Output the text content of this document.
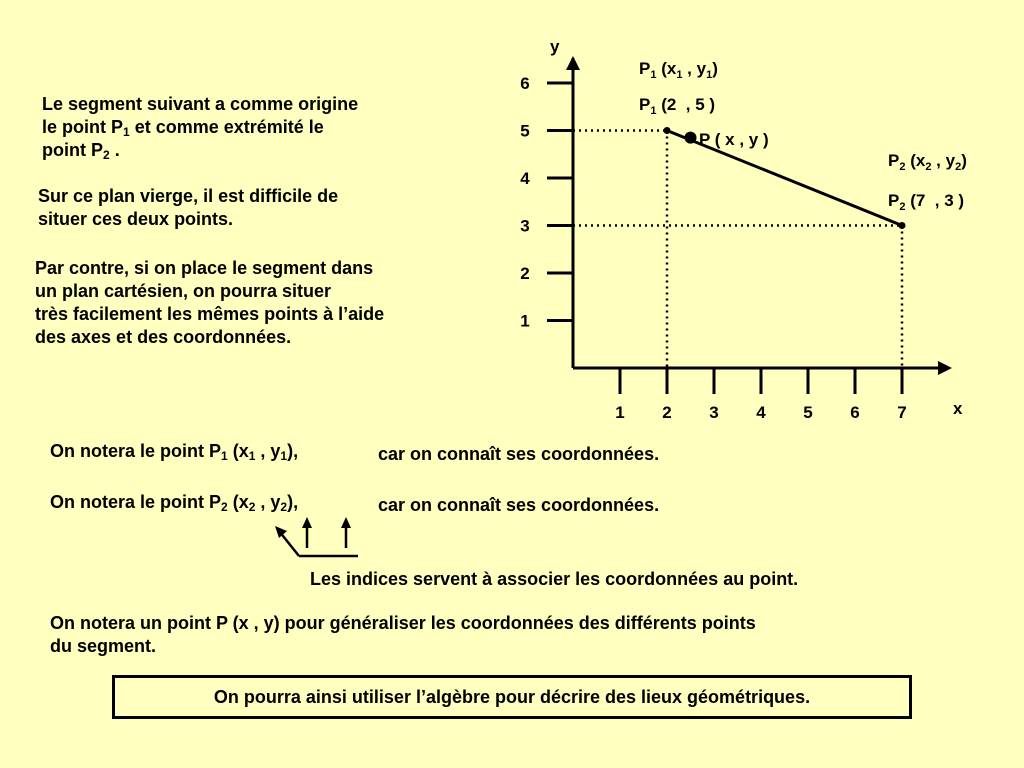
Le segment suivant a comme origine
le point $P_1$ et comme extrémité le
point $P_2$ .
Sur ce plan vierge, il est difficile de
situer ces deux points.
Par contre, si on place le segment dans
un plan cartésien, on pourra situer
très facilement les mêmes points à l’aide
des axes et des coordonnées.
y
x
1 2 3 4 5 6 7
1
2
3
4
5
6
$P_1$ ($x_1$ , $y_1$)
$P_1$ (2  , 5 )
P ( x , y )
$P_2$ ($x_2$ , $y_2$)
$P_2$ (7  , 3 )
On notera le point $P_1$ ($x_1$ , $y_1$),	car on connaît ses coordonnées.
On notera le point $P_2$ ($x_2$ , $y_2$),	car on connaît ses coordonnées.
Les indices servent à associer les coordonnées au point.
On notera un point P (x , y) pour généraliser les coordonnées des différents points
du segment.
On pourra ainsi utiliser l’algèbre pour décrire des lieux géométriques.
